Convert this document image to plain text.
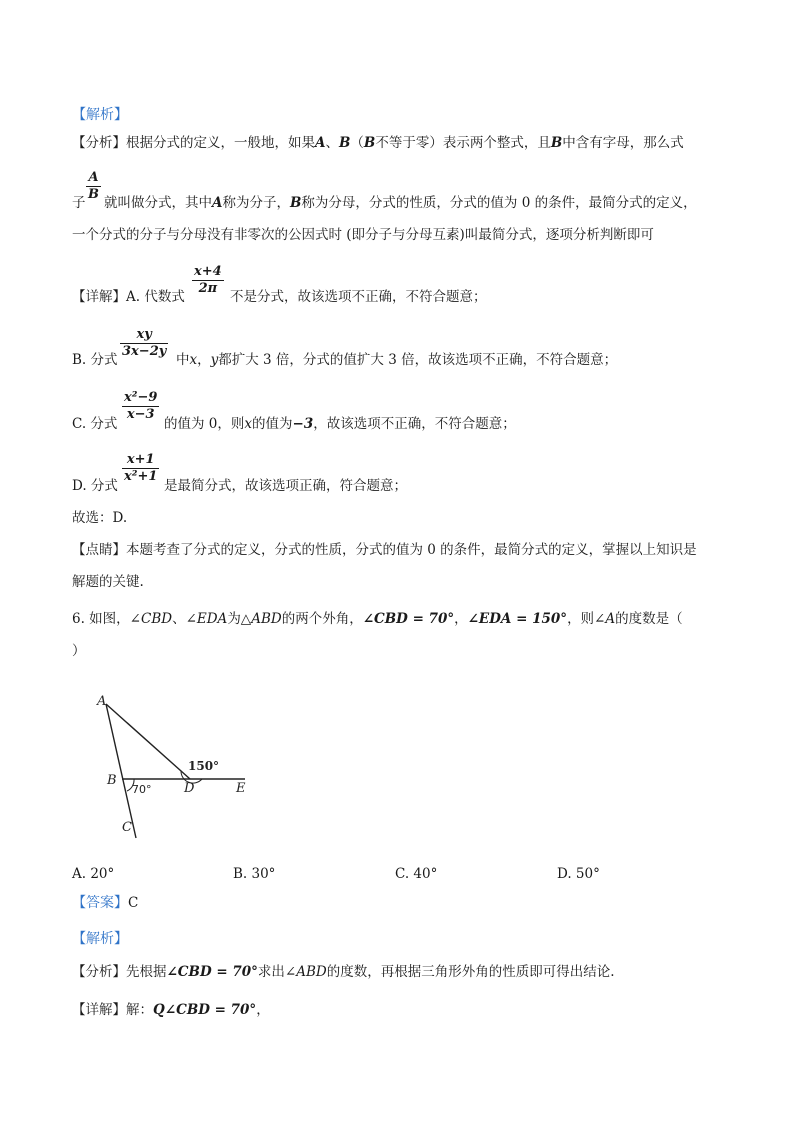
【解析】
【分析】根据分式的定义，一般地，如果A、B（B不等于零）表示两个整式，且B中含有字母，那么式
子 $\frac{A}{B}$ 就叫做分式，其中A称为分子，B称为分母，分式的性质，分式的值为 0 的条件，最简分式的定义，
一个分式的分子与分母没有非零次的公因式时 (即分子与分母互素)叫最简分式，逐项分析判断即可
【详解】A. 代数式 $\frac{x+4}{2\pi}$ 不是分式，故该选项不正确，不符合题意；
B. 分式 $\frac{xy}{3x-2y}$ 中x，y都扩大 3 倍，分式的值扩大 3 倍，故该选项不正确，不符合题意；
C. 分式
$\frac{\text{x²−9}}{x-3}$
的值为 0，则x的值为−3，故该选项不正确，不符合题意；
D. 分式
$\frac{x+1}{\text{x²+1}}$
是最简分式，故该选项正确，符合题意；
故选：D.
【点睛】本题考查了分式的定义，分式的性质，分式的值为 0 的条件，最简分式的定义，掌握以上知识是
解题的关键.
6. 如图，∠CBD、∠EDA为△ABD的两个外角，∠CBD = 70°，∠EDA = 150°，则∠A的度数是（
）
A
B
C
D	E
70°
150°
A. 20°	B. 30°	C. 40°	D. 50°
【答案】C
【解析】
【分析】先根据∠CBD = 70°求出∠ABD的度数，再根据三角形外角的性质即可得出结论.
【详解】解：Q∠CBD = 70°，
